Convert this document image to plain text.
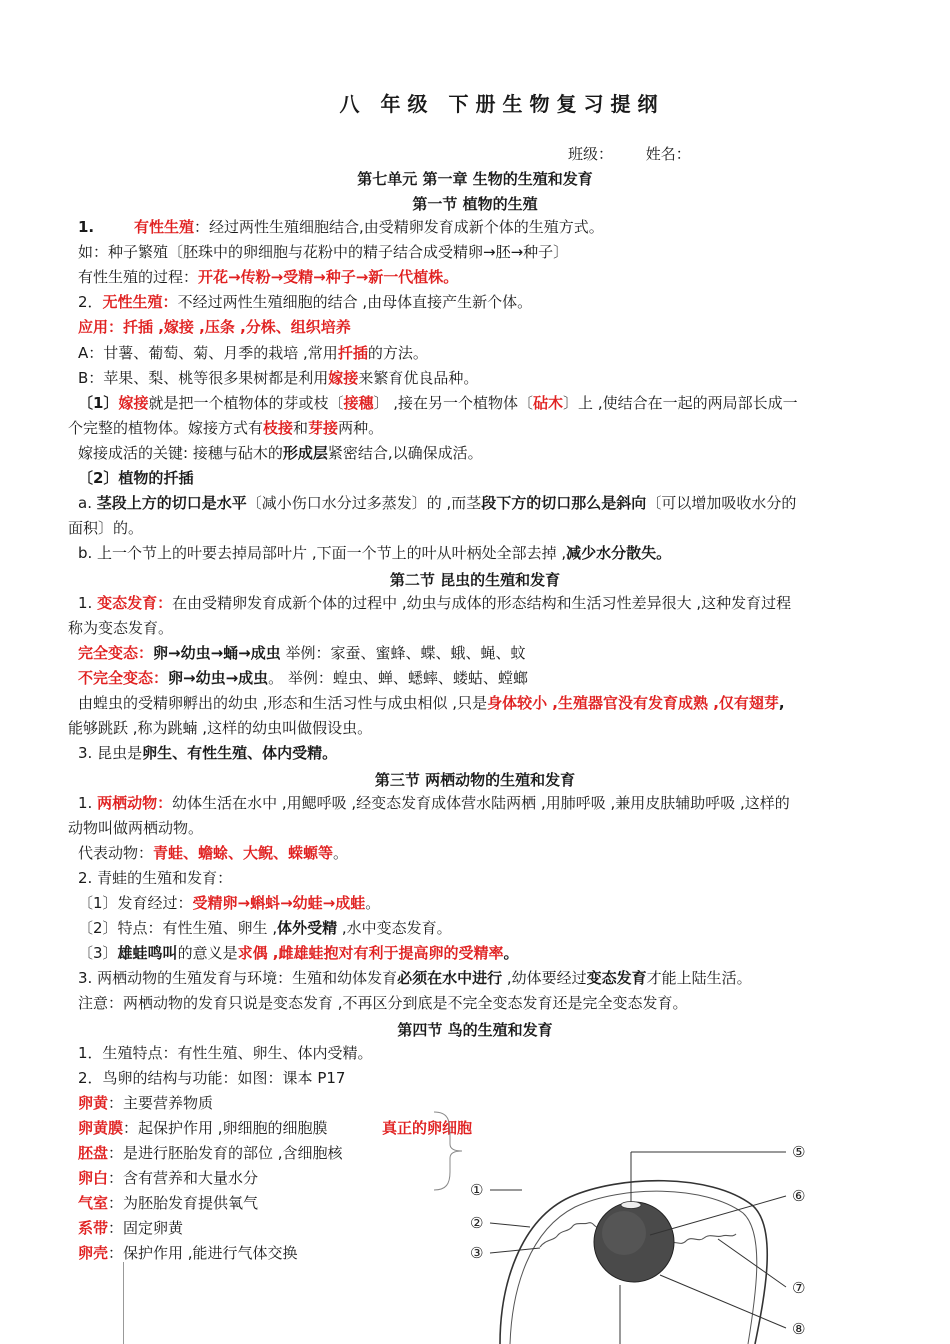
八 年级 下册生物复习提纲
班级： 姓名：
第七单元 第一章 生物的生殖和发育
第一节 植物的生殖
1.	有性生殖：经过两性生殖细胞结合,由受精卵发育成新个体的生殖方式。
如：种子繁殖〔胚珠中的卵细胞与花粉中的精子结合成受精卵→胚→种子〕
有性生殖的过程：开花→传粉→受精→种子→新一代植株。
2．无性生殖：不经过两性生殖细胞的结合 ,由母体直接产生新个体。
应用：扦插 ,嫁接 ,压条 ,分株、组织培养
A：甘薯、葡萄、菊、月季的栽培 ,常用扦插的方法。
B：苹果、梨、桃等很多果树都是利用嫁接来繁育优良品种。
〔1〕嫁接就是把一个植物体的芽或枝〔接穗〕 ,接在另一个植物体〔砧木〕上 ,使结合在一起的两局部长成一
个完整的植物体。嫁接方式有枝接和芽接两种。
嫁接成活的关键: 接穗与砧木的形成层紧密结合,以确保成活。
〔2〕植物的扦插
a. 茎段上方的切口是水平〔减小伤口水分过多蒸发〕的 ,而茎段下方的切口那么是斜向〔可以增加吸收水分的
面积〕的。
b. 上一个节上的叶要去掉局部叶片 ,下面一个节上的叶从叶柄处全部去掉 ,减少水分散失。
第二节 昆虫的生殖和发育
1. 变态发育：在由受精卵发育成新个体的过程中 ,幼虫与成体的形态结构和生活习性差异很大 ,这种发育过程
称为变态发育。
完全变态：卵→幼虫→蛹→成虫 举例：家蚕、蜜蜂、蝶、蛾、蝇、蚊
不完全变态：卵→幼虫→成虫。 举例：蝗虫、蝉、蟋蟀、蝼蛄、螳螂
由蝗虫的受精卵孵出的幼虫 ,形态和生活习性与成虫相似 ,只是身体较小 ,生殖器官没有发育成熟 ,仅有翅芽,
能够跳跃 ,称为跳蝻 ,这样的幼虫叫做假设虫。
3. 昆虫是卵生、有性生殖、体内受精。
第三节 两栖动物的生殖和发育
1. 两栖动物：幼体生活在水中 ,用鳃呼吸 ,经变态发育成体营水陆两栖 ,用肺呼吸 ,兼用皮肤辅助呼吸 ,这样的
动物叫做两栖动物。
代表动物：青蛙、蟾蜍、大鲵、蝾螈等。
2. 青蛙的生殖和发育：
〔1〕发育经过：受精卵→蝌蚪→幼蛙→成蛙。
〔2〕特点：有性生殖、卵生 ,体外受精 ,水中变态发育。
〔3〕雄蛙鸣叫的意义是求偶 ,雌雄蛙抱对有利于提高卵的受精率。
3. 两栖动物的生殖发育与环境：生殖和幼体发育必须在水中进行 ,幼体要经过变态发育才能上陆生活。
注意：两栖动物的发育只说是变态发育 ,不再区分到底是不完全变态发育还是完全变态发育。
第四节 鸟的生殖和发育
1．生殖特点：有性生殖、卵生、体内受精。
2．鸟卵的结构与功能：如图：课本 P17
卵黄：主要营养物质
卵黄膜：起保护作用 ,卵细胞的细胞膜	真正的卵细胞
胚盘：是进行胚胎发育的部位 ,含细胞核
卵白：含有营养和大量水分
气室：为胚胎发育提供氧气
系带：固定卵黄
卵壳：保护作用 ,能进行气体交换
①
②
③
⑤
⑥
⑦
⑧
